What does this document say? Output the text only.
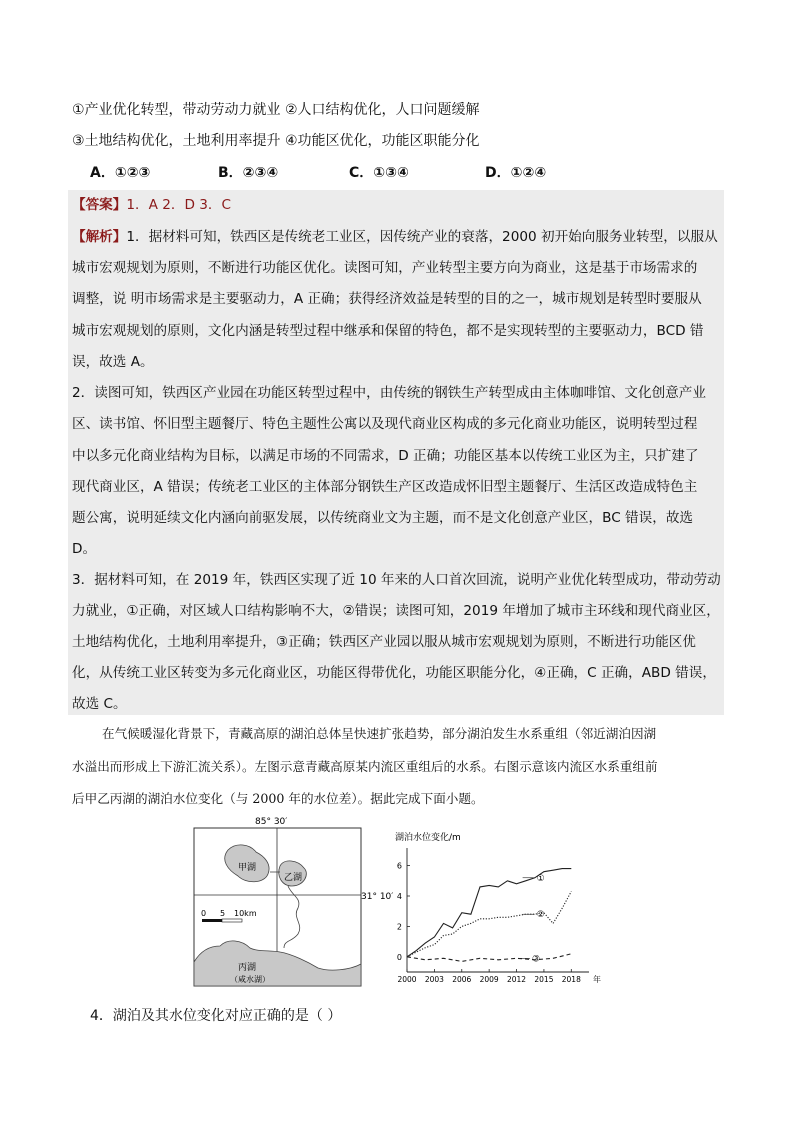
①产业优化转型，带动劳动力就业 ②人口结构优化，人口问题缓解
③土地结构优化，土地利用率提升 ④功能区优化，功能区职能分化
A．①②③	B．②③④	C．①③④	D．①②④
【答案】1．A 2．D 3．C
【解析】1．据材料可知，铁西区是传统老工业区，因传统产业的衰落，2000 初开始向服务业转型，以服从
城市宏观规划为原则，不断进行功能区优化。读图可知，产业转型主要方向为商业，这是基于市场需求的
调整，说 明市场需求是主要驱动力，A 正确；获得经济效益是转型的目的之一，城市规划是转型时要服从
城市宏观规划的原则，文化内涵是转型过程中继承和保留的特色，都不是实现转型的主要驱动力，BCD 错
误，故选 A。
2．读图可知，铁西区产业园在功能区转型过程中，由传统的钢铁生产转型成由主体咖啡馆、文化创意产业
区、读书馆、怀旧型主题餐厅、特色主题性公寓以及现代商业区构成的多元化商业功能区，说明转型过程
中以多元化商业结构为目标，以满足市场的不同需求，D 正确；功能区基本以传统工业区为主，只扩建了
现代商业区，A 错误；传统老工业区的主体部分钢铁生产区改造成怀旧型主题餐厅、生活区改造成特色主
题公寓，说明延续文化内涵向前驱发展，以传统商业文为主题，而不是文化创意产业区，BC 错误，故选
D。
3．据材料可知，在 2019 年，铁西区实现了近 10 年来的人口首次回流，说明产业优化转型成功，带动劳动
力就业，①正确，对区域人口结构影响不大，②错误；读图可知，2019 年增加了城市主环线和现代商业区，
土地结构优化，土地利用率提升，③正确；铁西区产业园以服从城市宏观规划为原则，不断进行功能区优
化，从传统工业区转变为多元化商业区，功能区得带优化，功能区职能分化，④正确，C 正确，ABD 错误，
故选 C。
在气候暖湿化背景下，青藏高原的湖泊总体呈快速扩张趋势，部分湖泊发生水系重组（邻近湖泊因湖
水溢出而形成上下游汇流关系）。左图示意青藏高原某内流区重组后的水系。右图示意该内流区水系重组前
后甲乙丙湖的湖泊水位变化（与 2000 年的水位差）。据此完成下面小题。
85° 30′
31° 10′
甲湖
乙湖
0 5 10km
丙湖
（咸水湖）
湖泊水位变化/m
①
②
③
0
2
4
6
2000 2003 2006 2009 2012 2015 2018 年
4．湖泊及其水位变化对应正确的是（ ）
